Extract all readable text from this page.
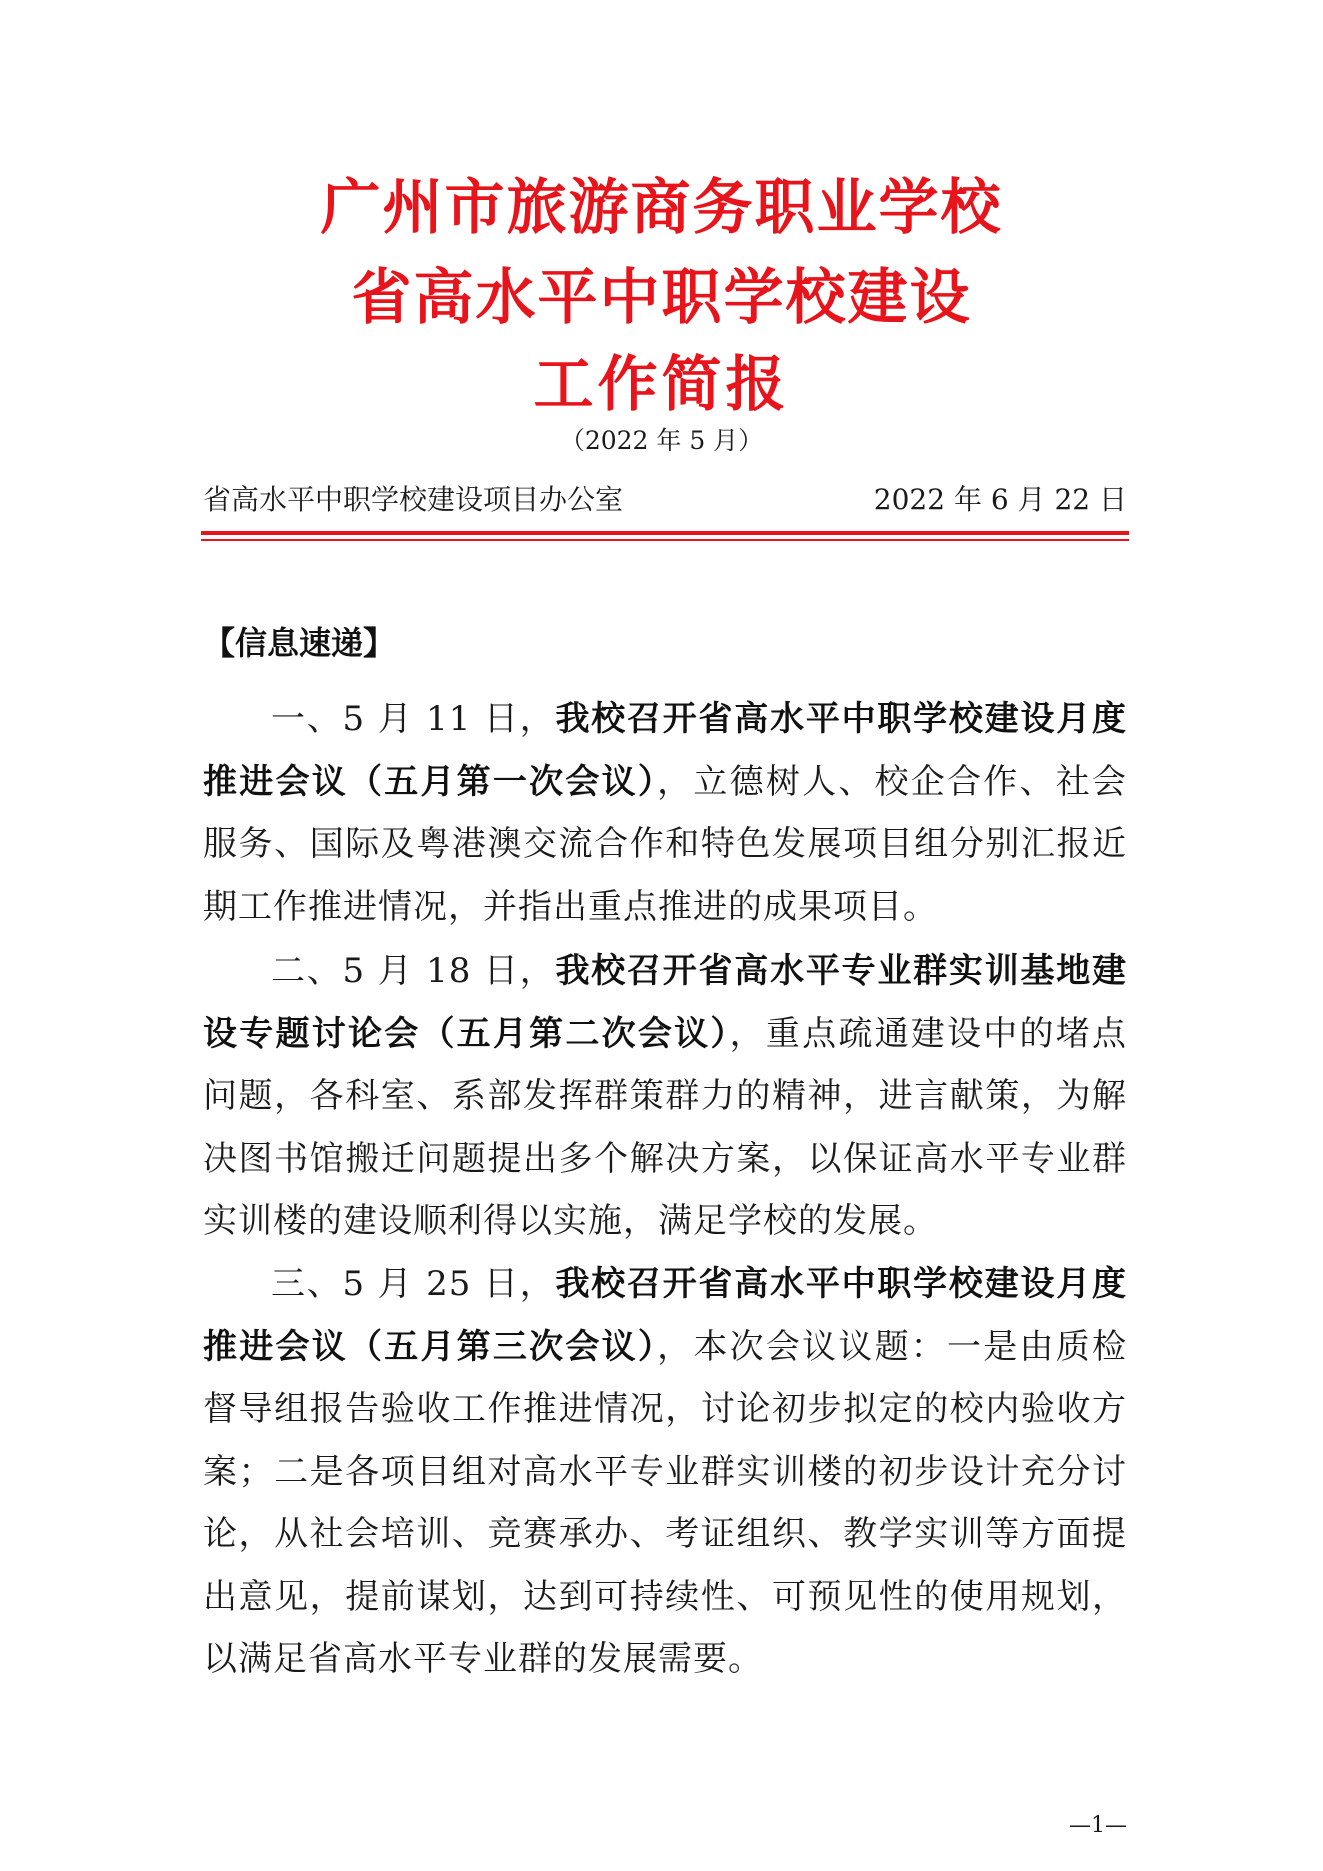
广州市旅游商务职业学校
省高水平中职学校建设
工作简报
（2022 年 5 月）
省高水平中职学校建设项目办公室	2022 年 6 月 22 日
【信息速递】

一、5 月 11 日，我校召开省高水平中职学校建设月度推进会议（五月第一次会议），立德树人、校企合作、社会服务、国际及粤港澳交流合作和特色发展项目组分别汇报近期工作推进情况，并指出重点推进的成果项目。

二、5 月 18 日，我校召开省高水平专业群实训基地建设专题讨论会（五月第二次会议），重点疏通建设中的堵点问题，各科室、系部发挥群策群力的精神，进言献策，为解决图书馆搬迁问题提出多个解决方案，以保证高水平专业群实训楼的建设顺利得以实施，满足学校的发展。

三、5 月 25 日，我校召开省高水平中职学校建设月度推进会议（五月第三次会议），本次会议议题：一是由质检督导组报告验收工作推进情况，讨论初步拟定的校内验收方案；二是各项目组对高水平专业群实训楼的初步设计充分讨论，从社会培训、竞赛承办、考证组织、教学实训等方面提出意见，提前谋划，达到可持续性、可预见性的使用规划，以满足省高水平专业群的发展需要。

—1—
